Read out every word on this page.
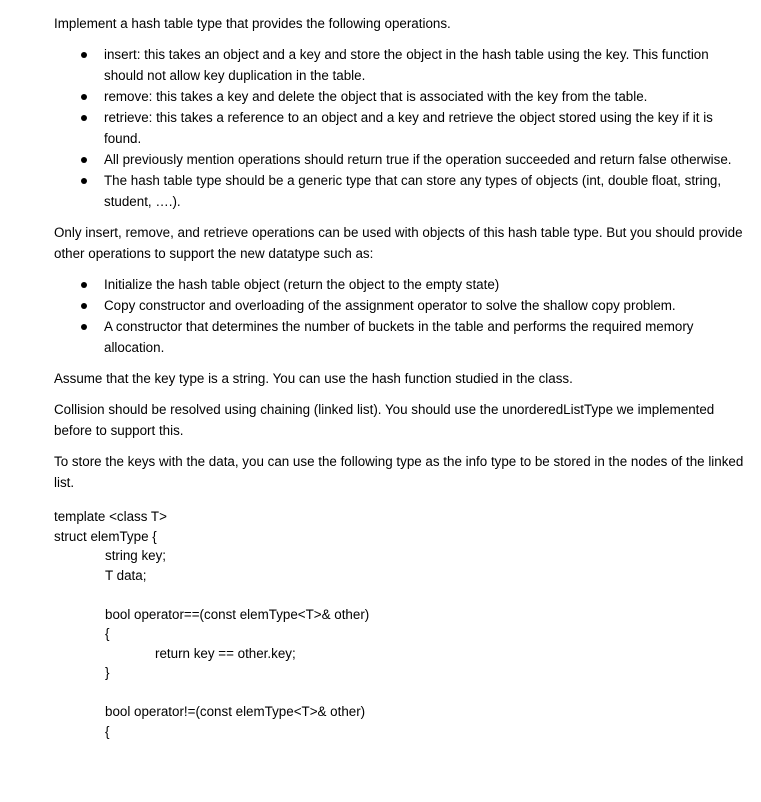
Implement a hash table type that provides the following operations.

insert: this takes an object and a key and store the object in the hash table using the key. This function should not allow key duplication in the table.
remove: this takes a key and delete the object that is associated with the key from the table.
retrieve: this takes a reference to an object and a key and retrieve the object stored using the key if it is found.
All previously mention operations should return true if the operation succeeded and return false otherwise.
The hash table type should be a generic type that can store any types of objects (int, double float, string, student, ….).

Only insert, remove, and retrieve operations can be used with objects of this hash table type. But you should provide other operations to support the new datatype such as:

Initialize the hash table object (return the object to the empty state)
Copy constructor and overloading of the assignment operator to solve the shallow copy problem.
A constructor that determines the number of buckets in the table and performs the required memory allocation.

Assume that the key type is a string. You can use the hash function studied in the class.

Collision should be resolved using chaining (linked list). You should use the unorderedListType we implemented before to support this.

To store the keys with the data, you can use the following type as the info type to be stored in the nodes of the linked list.

template <class T>
struct elemType {
string key;
T data;
bool operator==(const elemType<T>& other)
{
return key == other.key;
}
bool operator!=(const elemType<T>& other)
{
